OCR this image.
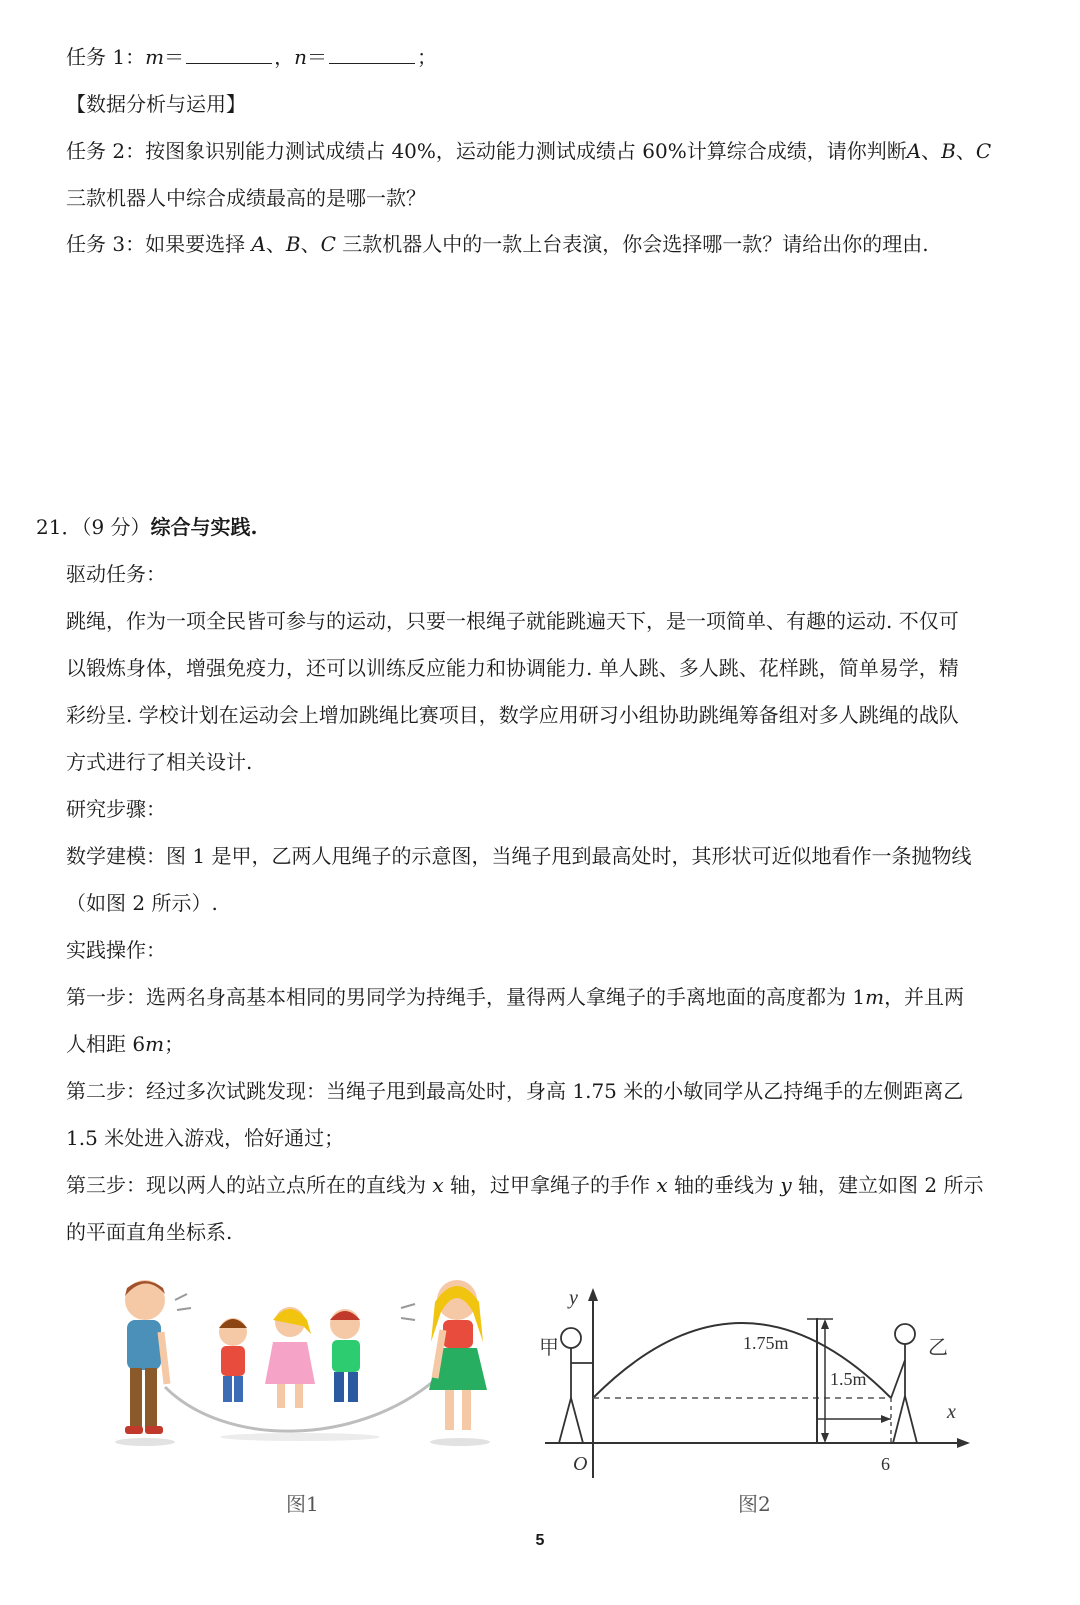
任务 1：m＝	，n＝	；
【数据分析与运用】
任务 2：按图象识别能力测试成绩占 40%，运动能力测试成绩占 60%计算综合成绩，请你判断A、B、C
三款机器人中综合成绩最高的是哪一款？
任务 3：如果要选择 A、B、C 三款机器人中的一款上台表演，你会选择哪一款？请给出你的理由.
21．（9 分）综合与实践.
驱动任务：
跳绳，作为一项全民皆可参与的运动，只要一根绳子就能跳遍天下，是一项简单、有趣的运动. 不仅可
以锻炼身体，增强免疫力，还可以训练反应能力和协调能力. 单人跳、多人跳、花样跳，简单易学，精
彩纷呈. 学校计划在运动会上增加跳绳比赛项目，数学应用研习小组协助跳绳筹备组对多人跳绳的战队
方式进行了相关设计.
研究步骤：
数学建模：图 1 是甲，乙两人甩绳子的示意图，当绳子甩到最高处时，其形状可近似地看作一条抛物线
（如图 2 所示）.
实践操作：
第一步：选两名身高基本相同的男同学为持绳手，量得两人拿绳子的手离地面的高度都为 1m，并且两
人相距 6m；
第二步：经过多次试跳发现：当绳子甩到最高处时，身高 1.75 米的小敏同学从乙持绳手的左侧距离乙
1.5 米处进入游戏，恰好通过；
第三步：现以两人的站立点所在的直线为 x 轴，过甲拿绳子的手作 x 轴的垂线为 y 轴，建立如图 2 所示
的平面直角坐标系.
图1
y
x
O
甲	乙
1.75m
1.5m
6
图2
5
